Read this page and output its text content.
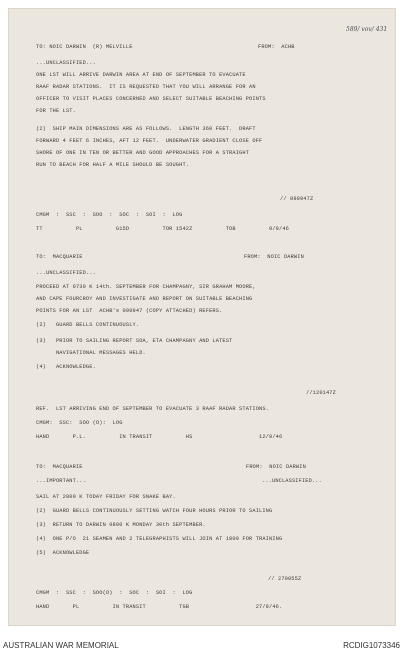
589/ vov/ 431
TO: NOIC DARWIN  (R) MELVILLE	FROM:  ACHB
...UNCLASSIFIED...
ONE LST WILL ARRIVE DARWIN AREA AT END OF SEPTEMBER TO EVACUATE
RAAF RADAR STATIONS.  IT IS REQUESTED THAT YOU WILL ARRANGE FOR AN
OFFICER TO VISIT PLACES CONCERNED AND SELECT SUITABLE BEACHING POINTS
FOR THE LST.
(2)  SHIP MAIN DIMENSIONS ARE AS FOLLOWS.  LENGTH 360 FEET.  DRAFT
FORWARD 4 FEET 6 INCHES, AFT 12 FEET.  UNDERWATER GRADIENT CLOSE OFF
SHORE OF ONE IN TEN OR BETTER AND GOOD APPROACHES FOR A STRAIGHT
RUN TO BEACH FOR HALF A MILE SHOULD BE SOUGHT.
// 090947Z
CMGM  :  SSC  :  SOO  :  SOC  :  SOI  :  LOG
TT          PL          G15D          TOR 1542Z          TOB          9/9/46
TO:  MACQUARIE	FROM:  NOIC DARWIN
...UNCLASSIFIED...
PROCEED AT 0730 K 14th. SEPTEMBER FOR CHAMPAGNY, SIR GRAHAM MOORE,
AND CAPE FOURCROY AND INVESTIGATE AND REPORT ON SUITABLE BEACHING
POINTS FOR AN LST  ACHB's 090947 (COPY ATTACHED) REFERS.
(2)   GUARD BELLS CONTINUOUSLY.
(3)   PRIOR TO SAILING REPORT SOA, ETA CHAMPAGNY AND LATEST
NAVIGATIONAL MESSAGES HELD.
(4)   ACKNOWLEDGE.
//120147Z
REF.  LST ARRIVING END OF SEPTEMBER TO EVACUATE 3 RAAF RADAR STATIONS.
CMGM:  SSC:  SOO (O):  LOG
HAND       P.L.          IN TRANSIT          HS                    12/9/46
TO:  MACQUARIE	FROM:  NOIC DARWIN
...IMPORTANT...	...UNCLASSIFIED...
SAIL AT 2000 K TODAY FRIDAY FOR SNAKE BAY.
(2)  GUARD BELLS CONTINUOUSLY SETTING WATCH FOUR HOURS PRIOR TO SAILING
(3)  RETURN TO DARWIN 0800 K MONDAY 30th SEPTEMBER.
(4)  ONE P/O  21 SEAMEN AND 2 TELEGRAPHISTS WILL JOIN AT 1800 FOR TRAINING
(5)  ACKNOWLEDGE
// 270055Z
CMGM  :  SSC  :  SOO(O)  :  SOC  :  SOI  :  LOG
HAND       PL          IN TRANSIT          TGB                    27/9/46.
AUSTRALIAN WAR MEMORIAL	RCDIG1073346
